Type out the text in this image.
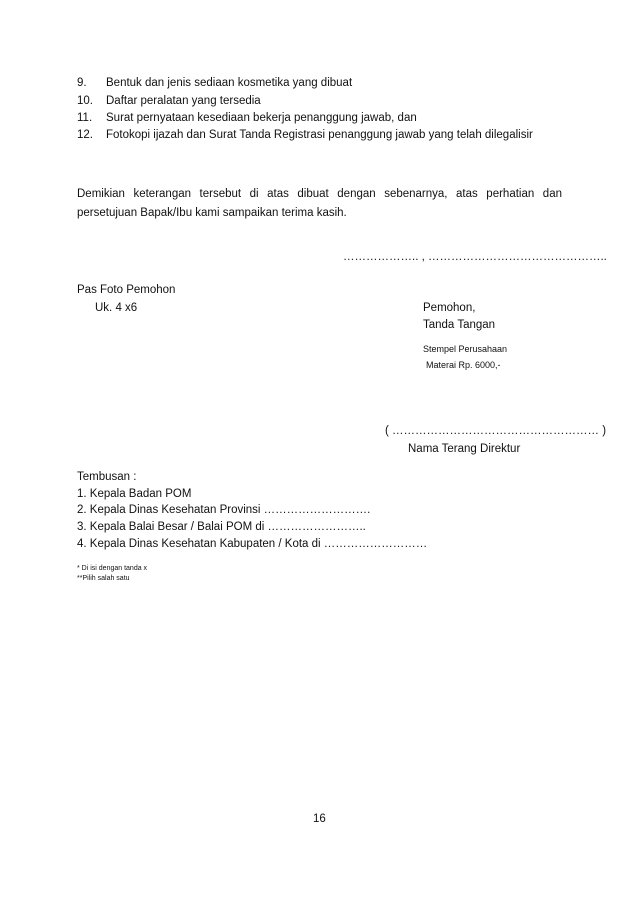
9. Bentuk dan jenis sediaan kosmetika yang dibuat
10. Daftar peralatan yang tersedia
11. Surat pernyataan kesediaan bekerja penanggung jawab, dan
12. Fotokopi ijazah dan Surat Tanda Registrasi penanggung jawab yang telah dilegalisir
Demikian keterangan tersebut di atas dibuat dengan sebenarnya, atas perhatian dan persetujuan Bapak/Ibu kami sampaikan terima kasih.
……………….. , ………………………………………..
Pas Foto Pemohon
Uk. 4 x6	Pemohon,
Tanda Tangan
Stempel Perusahaan
Materai Rp. 6000,-
( ……………………………………………… )
Nama Terang Direktur
Tembusan :
1. Kepala Badan POM
2. Kepala Dinas Kesehatan Provinsi ……………………….
3. Kepala Balai Besar / Balai POM di ……………………..
4. Kepala Dinas Kesehatan Kabupaten / Kota di ………………………
* Di isi dengan tanda x
**Pilih salah satu
16
